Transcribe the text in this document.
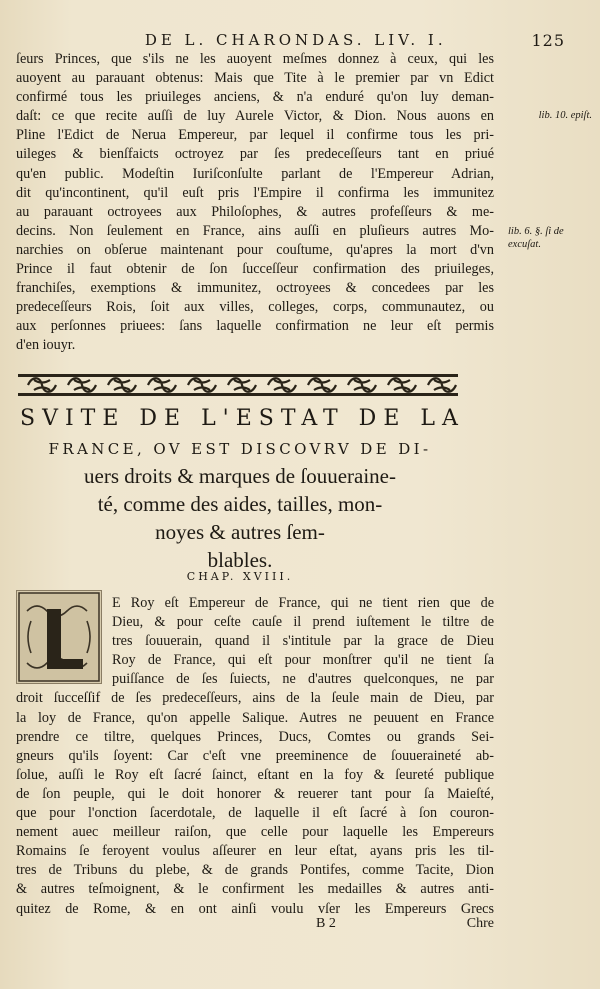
DE L. CHARONDAS. LIV. I.	125
ſeurs Princes, que s'ils ne les auoyent meſmes donnez à ceux, qui les
auoyent au parauant obtenus: Mais que Tite à le premier par vn Edict
confirmé tous les priuileges anciens, & n'a enduré qu'on luy deman-
daſt: ce que recite auſſi de luy Aurele Victor, & Dion. Nous auons en
Pline l'Edict de Nerua Empereur, par lequel il confirme tous les pri-
uileges & bienſfaicts octroyez par ſes predeceſſeurs tant en priué
qu'en public. Modeſtin Iuriſconſulte parlant de l'Empereur Adrian,
dit qu'incontinent, qu'il euſt pris l'Empire il confirma les immunitez
au parauant octroyees aux Philoſophes, & autres profeſſeurs & me-
decins. Non ſeulement en France, ains auſſi en pluſieurs autres Mo-
narchies on obſerue maintenant pour couſtume, qu'apres la mort d'vn
Prince il faut obtenir de ſon ſucceſſeur confirmation des priuileges,
franchiſes, exemptions & immunitez, octroyees & concedees par les
predeceſſeurs Rois, ſoit aux villes, colleges, corps, communautez, ou
aux perſonnes priuees: ſans laquelle confirmation ne leur eſt permis
d'en iouyr.
lib. 10. epiſt.
lib. 6. §. ſi de excuſat.
SVITE DE L'ESTAT DE LA
FRANCE, OV EST DISCOVRV DE DI-
uers droits & marques de ſouueraine-
té, comme des aides, tailles, mon-
noyes & autres ſem-
blables.
CHAP. XVIII.
E Roy eſt Empereur de France, qui ne tient rien que de
Dieu, & pour ceſte cauſe il prend iuſtement le tiltre de
tres ſouuerain, quand il s'intitule par la grace de Dieu
Roy de France, qui eſt pour monſtrer qu'il ne tient ſa
puiſſance de ſes ſuiects, ne d'autres quelconques, ne par
droit ſucceſſif de ſes predeceſſeurs, ains de la ſeule main de Dieu, par
la loy de France, qu'on appelle Salique. Autres ne peuuent en France
prendre ce tiltre, quelques Princes, Ducs, Comtes ou grands Sei-
gneurs qu'ils ſoyent: Car c'eſt vne preeminence de ſouueraineté ab-
ſolue, auſſi le Roy eſt ſacré ſainct, eſtant en la foy & ſeureté publique
de ſon peuple, qui le doit honorer & reuerer tant pour ſa Maieſté,
que pour l'onction ſacerdotale, de laquelle il eſt ſacré à ſon couron-
nement auec meilleur raiſon, que celle pour laquelle les Empereurs
Romains ſe feroyent voulus aſſeurer en leur eſtat, ayans pris les til-
tres de Tribuns du plebe, & de grands Pontifes, comme Tacite, Dion
& autres teſmoignent, & le confirment les medailles & autres anti-
quitez de Rome, & en ont ainſi voulu vſer les Empereurs Grecs
B 2	Chre
